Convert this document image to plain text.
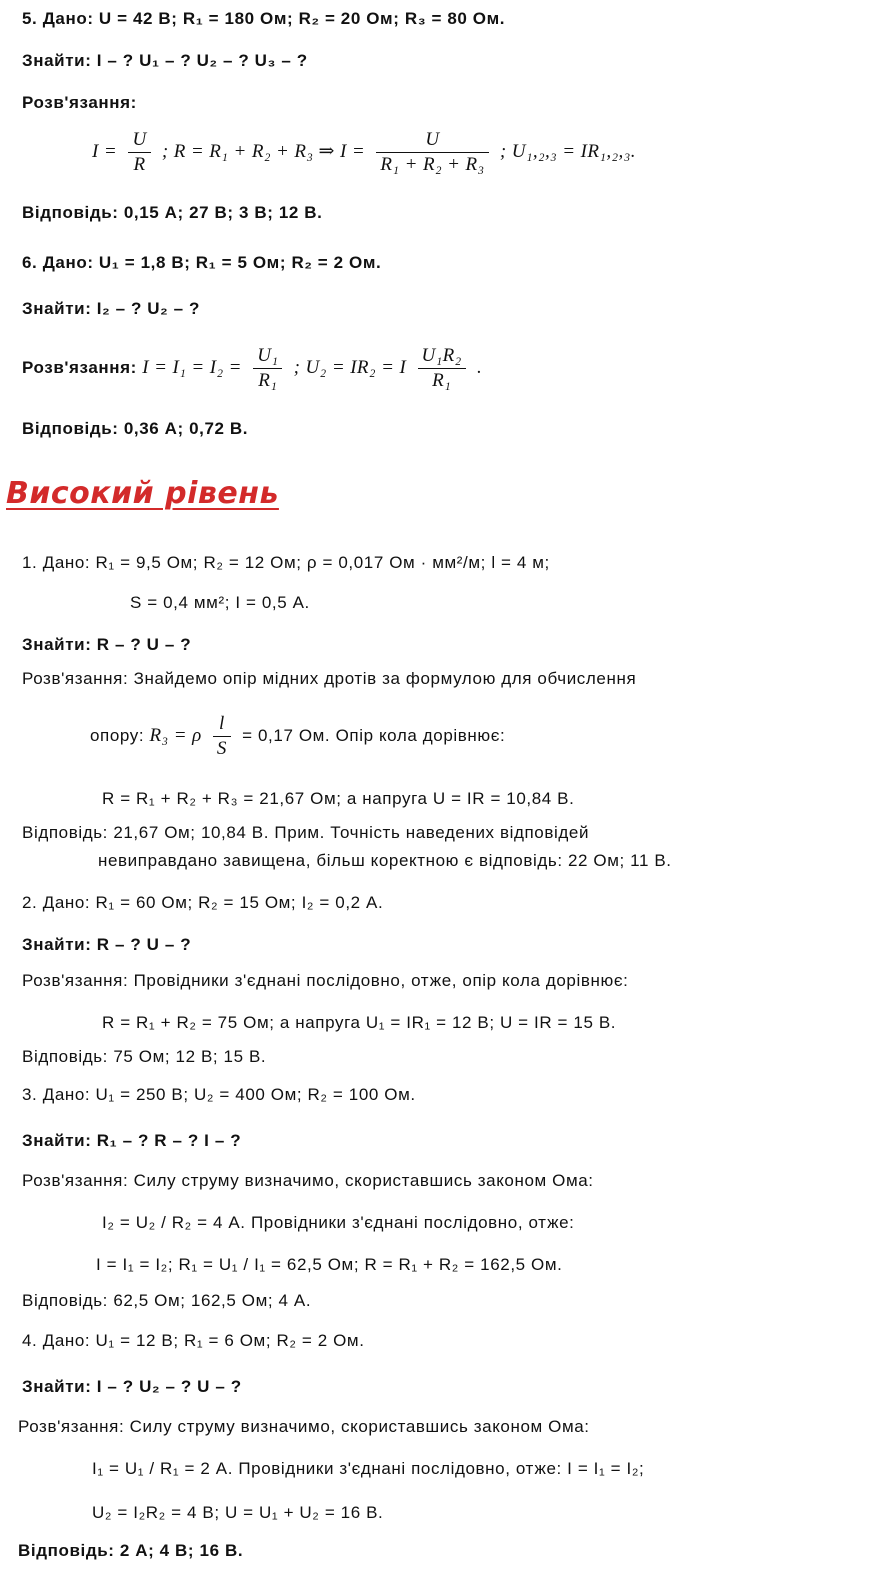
5. Дано: U = 42 В; R₁ = 180 Ом; R₂ = 20 Ом; R₃ = 80 Ом.
Знайти: I – ? U₁ – ? U₂ – ? U₃ – ?
Розв'язання:
$I = \frac{U}{R}$ ; R = R₁ + R₂ + R₃ ⇒ $I = \frac{U}{\text{R₁ + R₂ + R₃}}$ ; U₁,₂,₃ = IR₁,₂,₃.
Відповідь: 0,15 А; 27 В; 3 В; 12 В.
6. Дано: U₁ = 1,8 В; R₁ = 5 Ом; R₂ = 2 Ом.
Знайти: I₂ – ? U₂ – ?
Розв'язання: $I = I_1 = I_2 = \frac{\text{U₁}}{\text{R₁}}$ ; U₂ = IR₂ = I $\frac{\text{U₁R₂}}{\text{R₁}}$ .
Відповідь: 0,36 А; 0,72 В.
Високий рівень
1. Дано: R₁ = 9,5 Ом; R₂ = 12 Ом; ρ = 0,017 Ом · мм²/м; l = 4 м;
S = 0,4 мм²; I = 0,5 А.
Знайти: R – ? U – ?
Розв'язання: Знайдемо опір мідних дротів за формулою для обчислення
опору: R₃ = ρ $\frac{l}{S} = 0,17$ Ом. Опір кола дорівнює:
R = R₁ + R₂ + R₃ = 21,67 Ом; а напруга U = IR = 10,84 В.
Відповідь: 21,67 Ом; 10,84 В. Прим. Точність наведених відповідей
невиправдано завищена, більш коректною є відповідь: 22 Ом; 11 В.
2. Дано: R₁ = 60 Ом; R₂ = 15 Ом; I₂ = 0,2 А.
Знайти: R – ? U – ?
Розв'язання: Провідники з'єднані послідовно, отже, опір кола дорівнює:
R = R₁ + R₂ = 75 Ом; а напруга U₁ = IR₁ = 12 В; U = IR = 15 В.
Відповідь: 75 Ом; 12 В; 15 В.
3. Дано: U₁ = 250 В; U₂ = 400 Ом; R₂ = 100 Ом.
Знайти: R₁ – ? R – ? I – ?
Розв'язання: Силу струму визначимо, скориставшись законом Ома:
I₂ = U₂ / R₂ = 4 А. Провідники з'єднані послідовно, отже:
I = I₁ = I₂; R₁ = U₁ / I₁ = 62,5 Ом; R = R₁ + R₂ = 162,5 Ом.
Відповідь: 62,5 Ом; 162,5 Ом; 4 А.
4. Дано: U₁ = 12 В; R₁ = 6 Ом; R₂ = 2 Ом.
Знайти: I – ? U₂ – ? U – ?
Розв'язання: Силу струму визначимо, скориставшись законом Ома:
I₁ = U₁ / R₁ = 2 А. Провідники з'єднані послідовно, отже: I = I₁ = I₂;
U₂ = I₂R₂ = 4 В; U = U₁ + U₂ = 16 В.
Відповідь: 2 А; 4 В; 16 В.
